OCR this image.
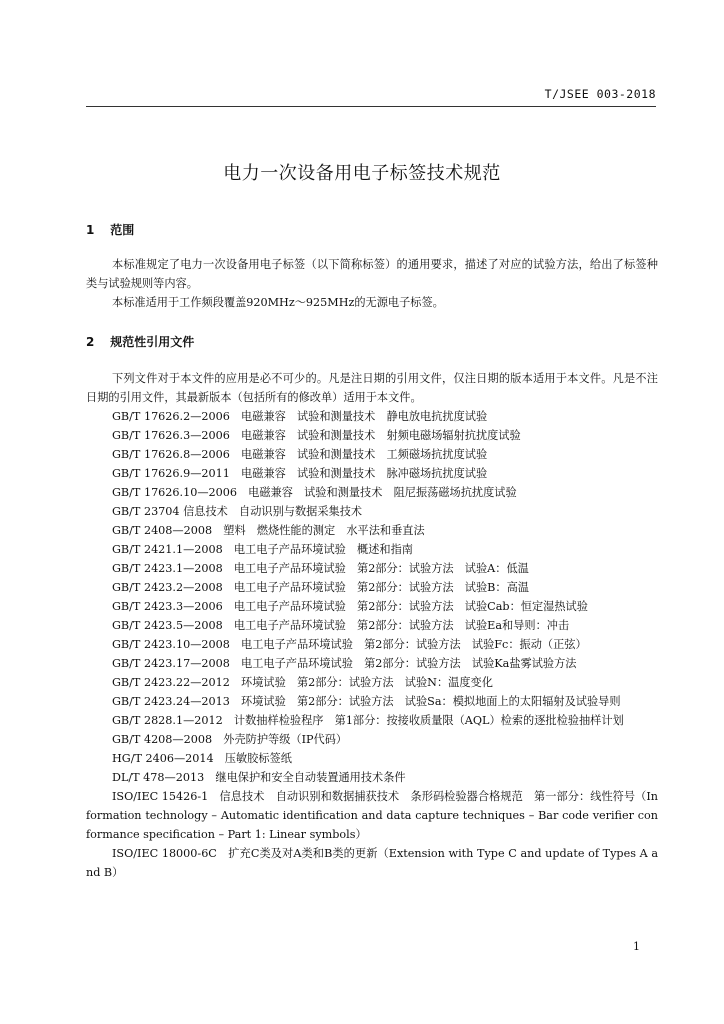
T/JSEE 003-2018
电力一次设备用电子标签技术规范
1 范围

本标准规定了电力一次设备用电子标签（以下简称标签）的通用要求，描述了对应的试验方法，给出了标签种类与试验规则等内容。

本标准适用于工作频段覆盖920MHz～925MHz的无源电子标签。

2 规范性引用文件

下列文件对于本文件的应用是必不可少的。凡是注日期的引用文件，仅注日期的版本适用于本文件。凡是不注日期的引用文件，其最新版本（包括所有的修改单）适用于本文件。

GB/T 17626.2—2006　电磁兼容　试验和测量技术　静电放电抗扰度试验
GB/T 17626.3—2006　电磁兼容　试验和测量技术　射频电磁场辐射抗扰度试验
GB/T 17626.8—2006　电磁兼容　试验和测量技术　工频磁场抗扰度试验
GB/T 17626.9—2011　电磁兼容　试验和测量技术　脉冲磁场抗扰度试验
GB/T 17626.10—2006　电磁兼容　试验和测量技术　阻尼振荡磁场抗扰度试验
GB/T 23704 信息技术　自动识别与数据采集技术
GB/T 2408—2008　塑料　燃烧性能的测定　水平法和垂直法
GB/T 2421.1—2008　电工电子产品环境试验　概述和指南
GB/T 2423.1—2008　电工电子产品环境试验　第2部分：试验方法　试验A：低温
GB/T 2423.2—2008　电工电子产品环境试验　第2部分：试验方法　试验B：高温
GB/T 2423.3—2006　电工电子产品环境试验　第2部分：试验方法　试验Cab：恒定湿热试验
GB/T 2423.5—2008　电工电子产品环境试验　第2部分：试验方法　试验Ea和导则：冲击
GB/T 2423.10—2008　电工电子产品环境试验　第2部分：试验方法　试验Fc：振动（正弦）
GB/T 2423.17—2008　电工电子产品环境试验　第2部分：试验方法　试验Ka盐雾试验方法
GB/T 2423.22—2012　环境试验　第2部分：试验方法　试验N：温度变化
GB/T 2423.24—2013　环境试验　第2部分：试验方法　试验Sa：模拟地面上的太阳辐射及试验导则
GB/T 2828.1—2012　计数抽样检验程序　第1部分：按接收质量限（AQL）检索的逐批检验抽样计划
GB/T 4208—2008　外壳防护等级（IP代码）
HG/T 2406—2014　压敏胶标签纸
DL/T 478—2013　继电保护和安全自动装置通用技术条件
ISO/IEC 15426-1　信息技术　自动识别和数据捕获技术　条形码检验器合格规范　第一部分：线性符号（Information technology – Automatic identification and data capture techniques – Bar code verifier conformance specification – Part 1: Linear symbols）
ISO/IEC 18000-6C　扩充C类及对A类和B类的更新（Extension with Type C and update of Types A and B）
1
